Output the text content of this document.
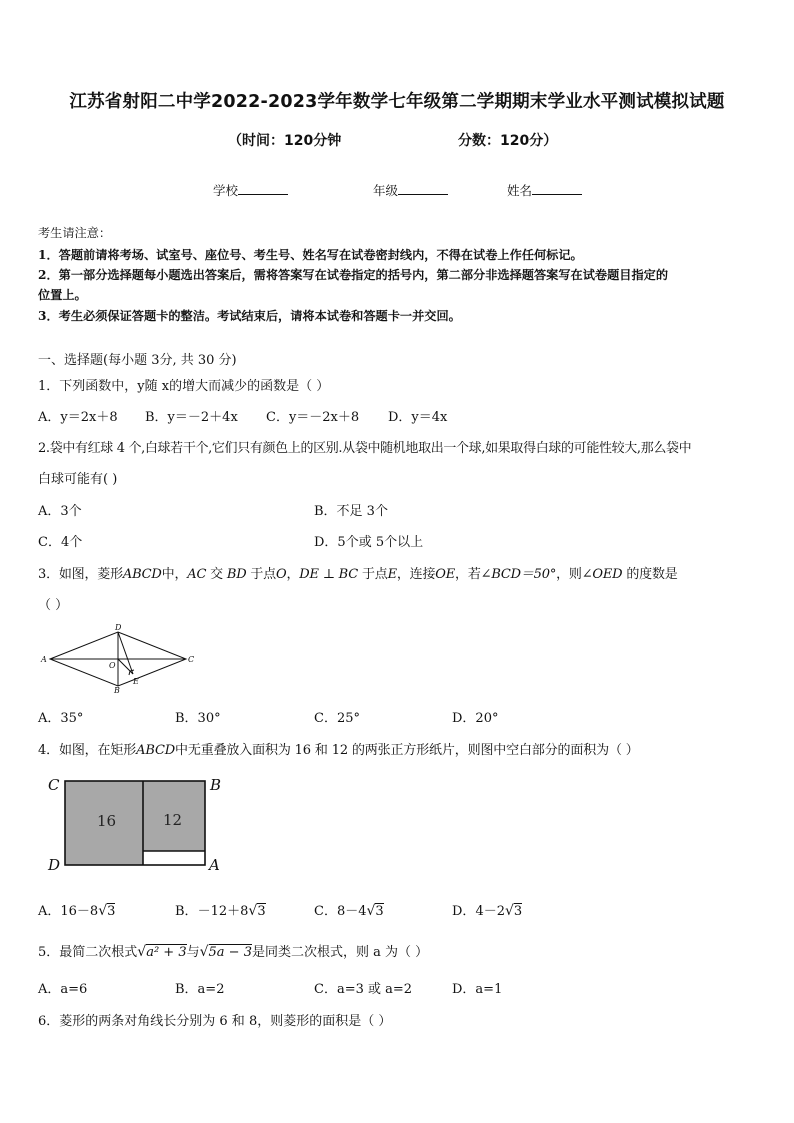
江苏省射阳二中学2022-2023学年数学七年级第二学期期末学业水平测试模拟试题
（时间：120分钟	分数：120分）
学校	年级	姓名
考生请注意：
1．答题前请将考场、试室号、座位号、考生号、姓名写在试卷密封线内，不得在试卷上作任何标记。
2．第一部分选择题每小题选出答案后，需将答案写在试卷指定的括号内，第二部分非选择题答案写在试卷题目指定的
位置上。
3．考生必须保证答题卡的整洁。考试结束后，请将本试卷和答题卡一并交回。
一、选择题(每小题 3分, 共 30 分)
1．下列函数中，y随 x的增大而减少的函数是（ ）
A．y＝2x＋8 B．y＝－2＋4x C．y＝－2x＋8 D．y＝4x
2.袋中有红球 4 个,白球若干个,它们只有颜色上的区别.从袋中随机地取出一个球,如果取得白球的可能性较大,那么袋中
白球可能有( )
A．3个	B．不足 3个
C．4个	D．5个或 5个以上
3．如图，菱形ABCD中，AC 交 BD 于点O，DE ⊥ BC 于点E，连接OE，若∠BCD＝50°，则∠OED 的度数是
（ ）
D
A
O
C
B
E
A．35°	B．30°	C．25°	D．20°
4．如图，在矩形ABCD中无重叠放入面积为 16 和 12 的两张正方形纸片，则图中空白部分的面积为（ ）
C	B
D	A
16	12
A．16－8√3	B．－12＋8√3	C．8－4√3	D．4－2√3
5．最简二次根式√a² + 3与√5a − 3是同类二次根式，则 a 为（ ）
A．a=6	B．a=2	C．a=3 或 a=2	D．a=1
6．菱形的两条对角线长分别为 6 和 8，则菱形的面积是（ ）
